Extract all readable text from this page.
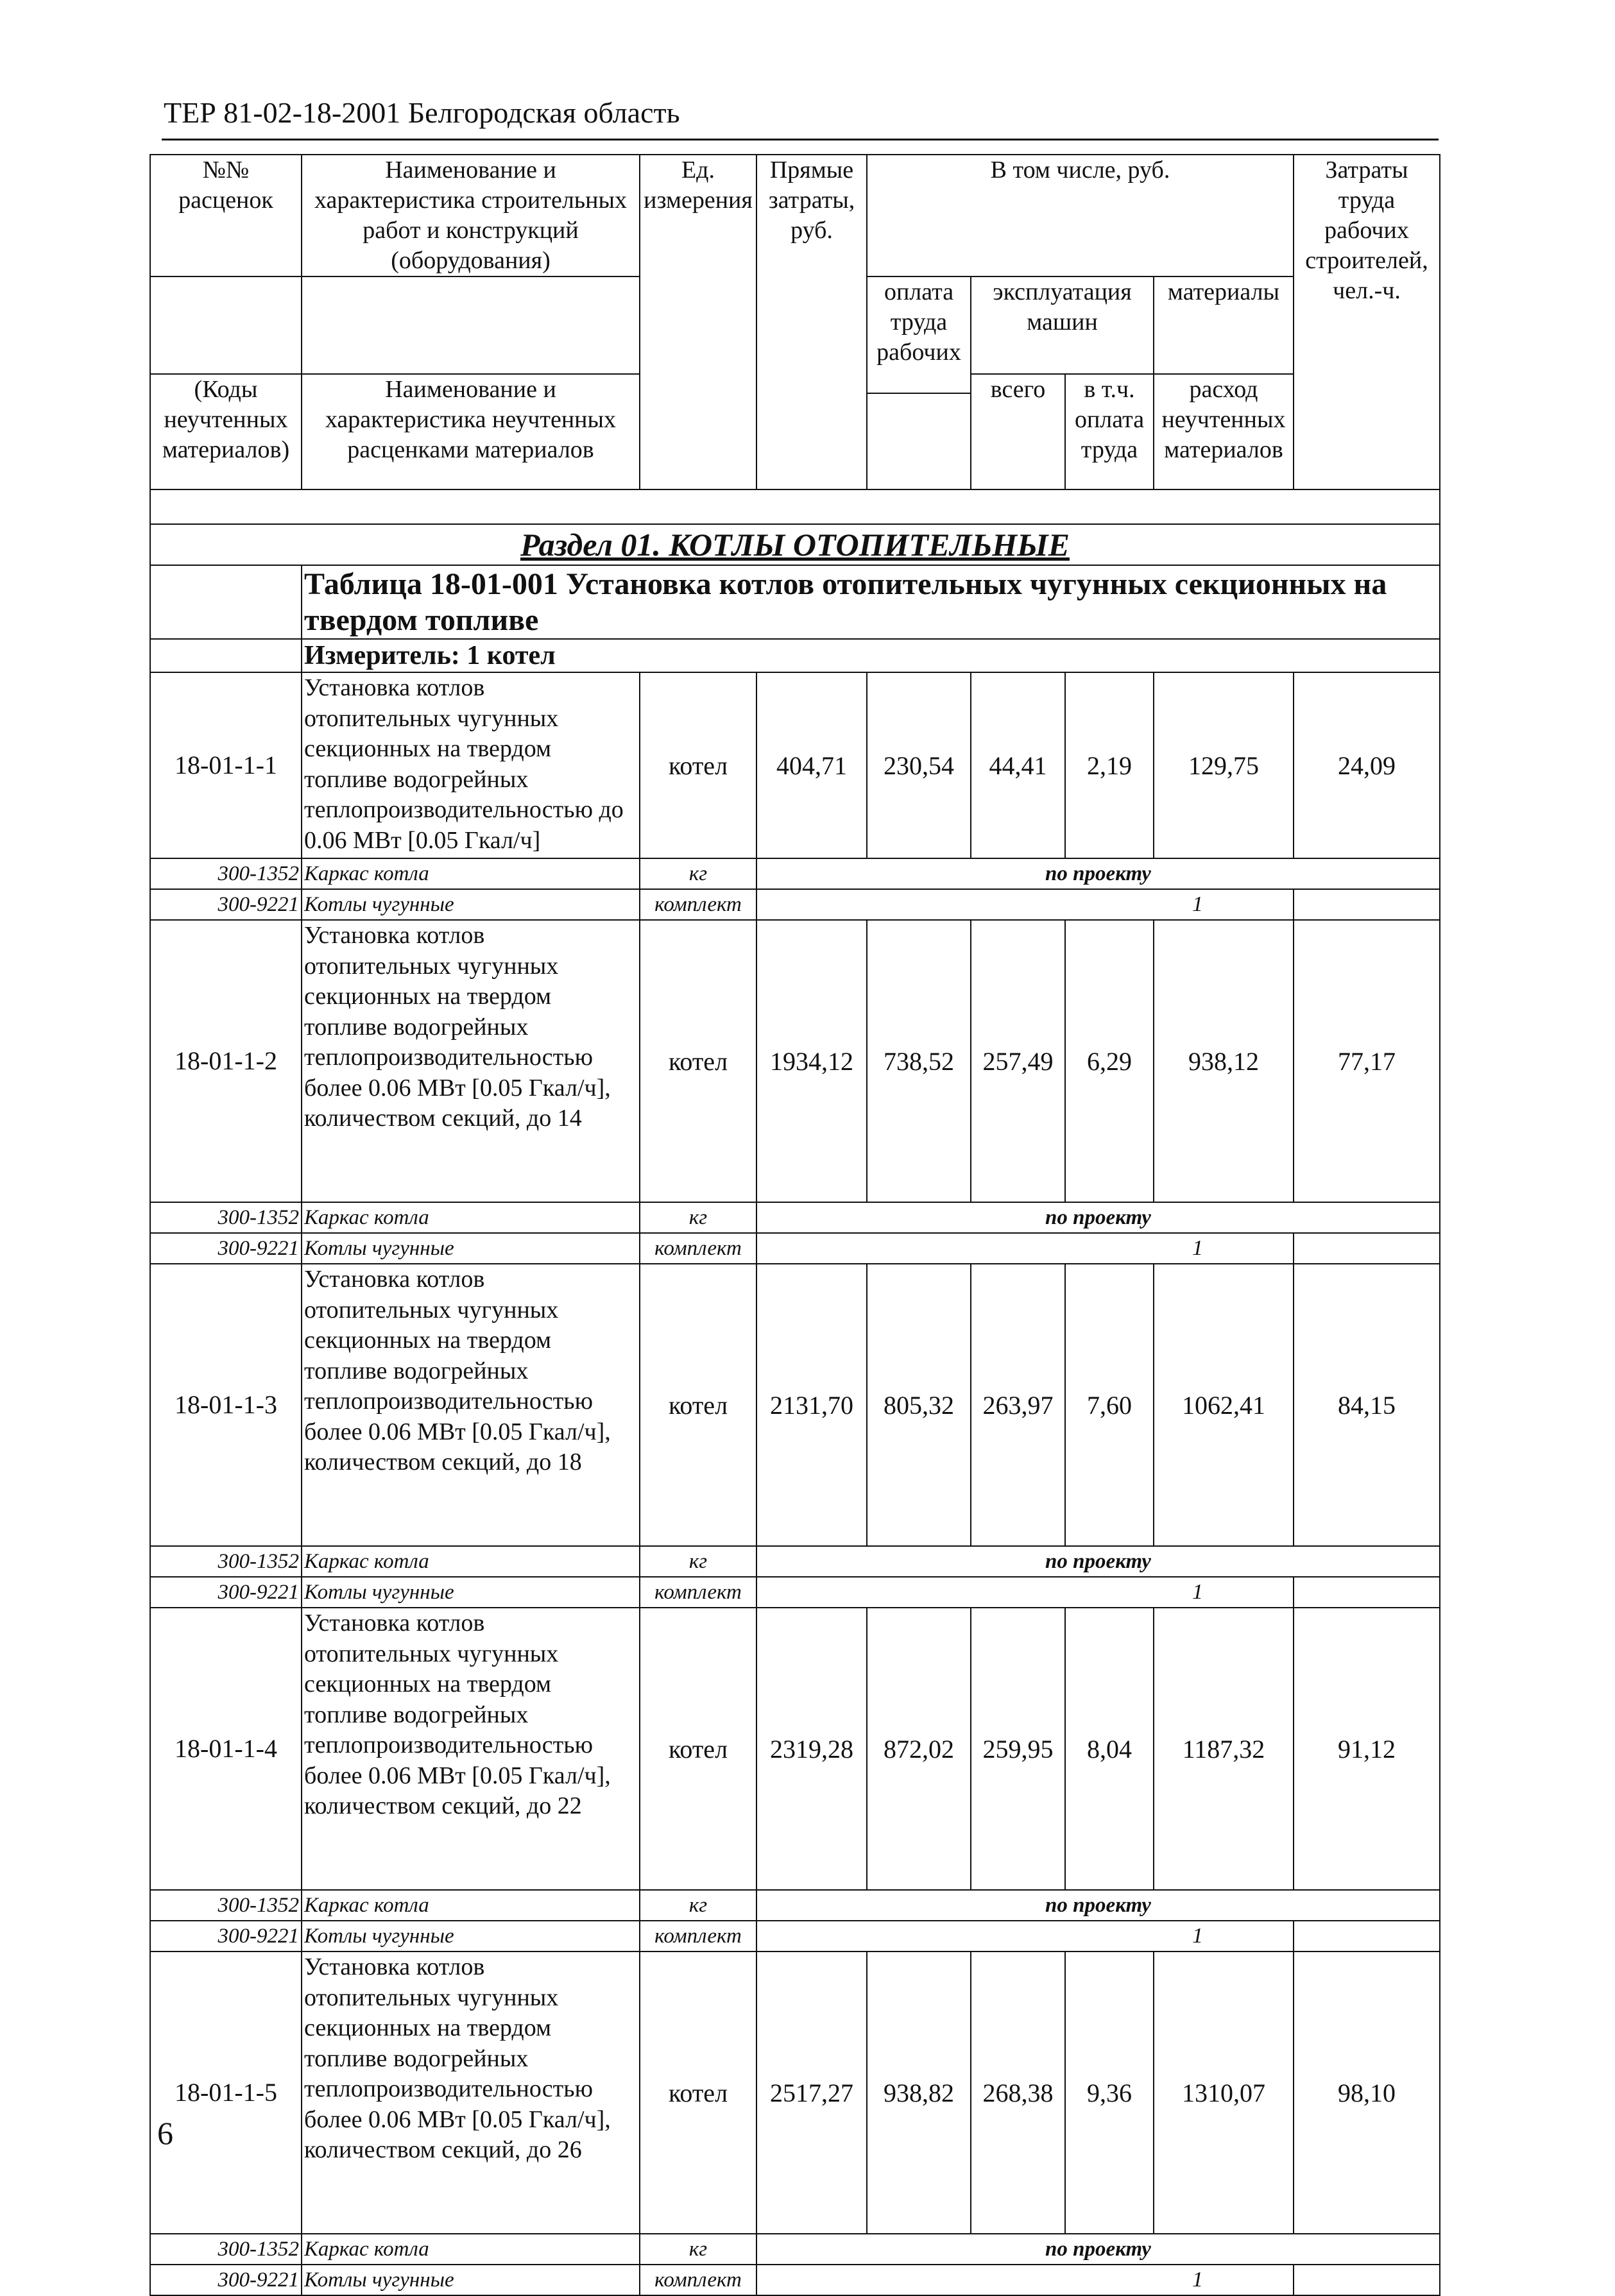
ТЕР 81-02-18-2001 Белгородская область
№№ расценок	Наименование и характеристика строительных работ и конструкций (оборудования)	Ед. измерения	Прямые затраты, руб.	В том числе, руб.				Затраты труда рабочих строителей, чел.-ч.
				оплата труда рабочих	эксплуатация машин		материалы	
(Коды неучтенных материалов)	Наименование и характеристика неучтенных расценками материалов				всего	в т.ч. оплата труда	расход неучтенных материалов	

Раздел 01. КОТЛЫ ОТОПИТЕЛЬНЫЕ								
	Таблица 18-01-001 Установка котлов отопительных чугунных секционных на твердом топливе							
	Измеритель: 1 котел							
18-01-1-1	Установка котлов отопительных чугунных секционных на твердом топливе водогрейных теплопроизводительностью до 0.06 МВт [0.05 Гкал/ч]	котел	404,71	230,54	44,41	2,19	129,75	24,09
300-1352	Каркас котла	кг	по проекту					
300-9221	Котлы чугунные	комплект	1					
18-01-1-2	Установка котлов отопительных чугунных секционных на твердом топливе водогрейных теплопроизводительностью более 0.06 МВт [0.05 Гкал/ч], количеством секций, до 14	котел	1934,12	738,52	257,49	6,29	938,12	77,17
300-1352	Каркас котла	кг	по проекту					
300-9221	Котлы чугунные	комплект	1					
18-01-1-3	Установка котлов отопительных чугунных секционных на твердом топливе водогрейных теплопроизводительностью более 0.06 МВт [0.05 Гкал/ч], количеством секций, до 18	котел	2131,70	805,32	263,97	7,60	1062,41	84,15
300-1352	Каркас котла	кг	по проекту					
300-9221	Котлы чугунные	комплект	1					
18-01-1-4	Установка котлов отопительных чугунных секционных на твердом топливе водогрейных теплопроизводительностью более 0.06 МВт [0.05 Гкал/ч], количеством секций, до 22	котел	2319,28	872,02	259,95	8,04	1187,32	91,12
300-1352	Каркас котла	кг	по проекту					
300-9221	Котлы чугунные	комплект	1					
18-01-1-5	Установка котлов отопительных чугунных секционных на твердом топливе водогрейных теплопроизводительностью более 0.06 МВт [0.05 Гкал/ч], количеством секций, до 26	котел	2517,27	938,82	268,38	9,36	1310,07	98,10
300-1352	Каркас котла	кг	по проекту					
300-9221	Котлы чугунные	комплект	1					
6
